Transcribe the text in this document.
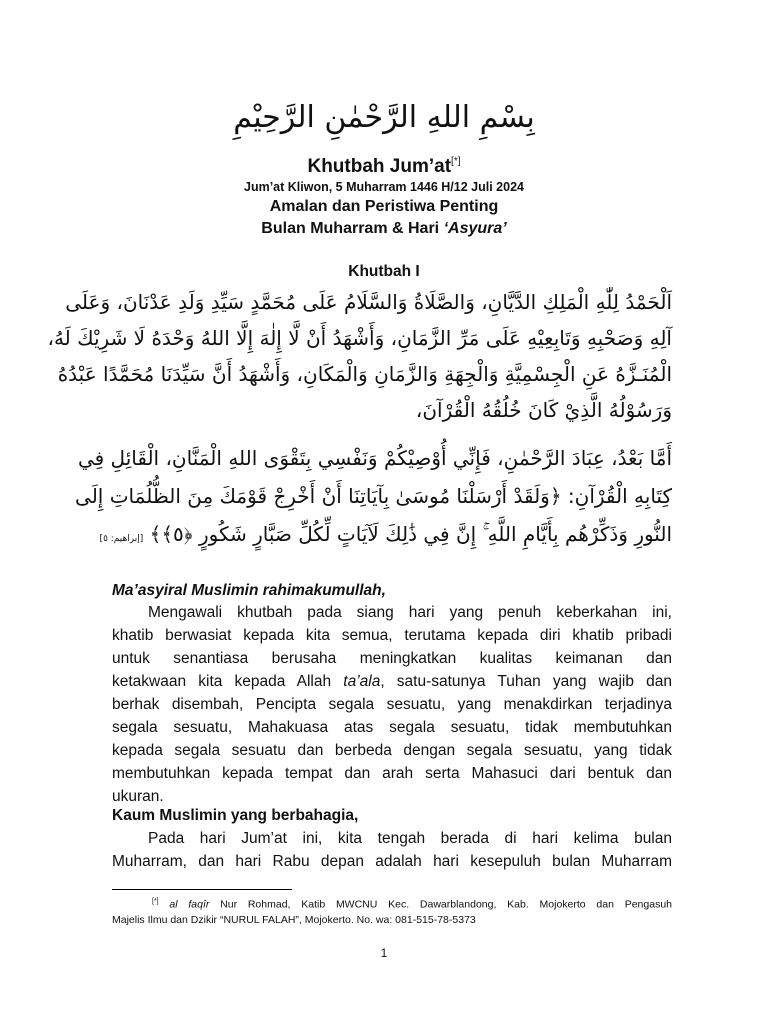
بِسْمِ اللهِ الرَّحْمٰنِ الرَّحِيْمِ
Khutbah Jum’at[*]
Jum’at Kliwon, 5 Muharram 1446 H/12 Juli 2024
Amalan dan Peristiwa Penting
Bulan Muharram & Hari ‘Asyura’
Khutbah I
اَلْحَمْدُ لِلّٰهِ الْمَلِكِ الدَّيَّانِ، وَالصَّلَاةُ وَالسَّلَامُ عَلَى مُحَمَّدٍ سَيِّدِ وَلَدِ عَدْنَانَ، وَعَلَى
آلِهِ وَصَحْبِهِ وَتَابِعِيْهِ عَلَى مَرِّ الزَّمَانِ، وَأَشْهَدُ أَنْ لَّا إِلٰهَ إِلَّا اللهُ وَحْدَهُ لَا شَرِيْكَ لَهُ،
الْمُنَـزَّهُ عَنِ الْجِسْمِيَّةِ وَالْجِهَةِ وَالزَّمَانِ وَالْمَكَانِ، وَأَشْهَدُ أَنَّ سَيِّدَنَا مُحَمَّدًا عَبْدُهُ
وَرَسُوْلُهُ الَّذِيْ كَانَ خُلُقُهُ الْقُرْآنَ،
أَمَّا بَعْدُ، عِبَادَ الرَّحْمٰنِ، فَإِنِّي أُوْصِيْكُمْ وَنَفْسِي بِتَقْوَى اللهِ الْمَنَّانِ، الْقَائِلِ فِي
كِتَابِهِ الْقُرْآنِ: ﴿وَلَقَدْ أَرْسَلْنَا مُوسَىٰ بِآيَاتِنَا أَنْ أَخْرِجْ قَوْمَكَ مِنَ الظُّلُمَاتِ إِلَى
النُّورِ وَذَكِّرْهُم بِأَيَّامِ اللَّهِ ۚ إِنَّ فِي ذَٰلِكَ لَآيَاتٍ لِّكُلِّ صَبَّارٍ شَكُورٍ ﴿٥﴾﴾ [إبراهيم: ٥]
Ma’asyiral Muslimin rahimakumullah,
Mengawali khutbah pada siang hari yang penuh keberkahan ini,
khatib berwasiat kepada kita semua, terutama kepada diri khatib pribadi
untuk senantiasa berusaha meningkatkan kualitas keimanan dan
ketakwaan kita kepada Allah ta’ala, satu-satunya Tuhan yang wajib dan
berhak disembah, Pencipta segala sesuatu, yang menakdirkan terjadinya
segala sesuatu, Mahakuasa atas segala sesuatu, tidak membutuhkan
kepada segala sesuatu dan berbeda dengan segala sesuatu, yang tidak
membutuhkan kepada tempat dan arah serta Mahasuci dari bentuk dan
ukuran.
Kaum Muslimin yang berbahagia,
Pada hari Jum’at ini, kita tengah berada di hari kelima bulan
Muharram, dan hari Rabu depan adalah hari kesepuluh bulan Muharram
[*] al faqîr Nur Rohmad, Katib MWCNU Kec. Dawarblandong, Kab. Mojokerto dan Pengasuh
Majelis Ilmu dan Dzikir “NURUL FALAH”, Mojokerto. No. wa: 081-515-78-5373
1
